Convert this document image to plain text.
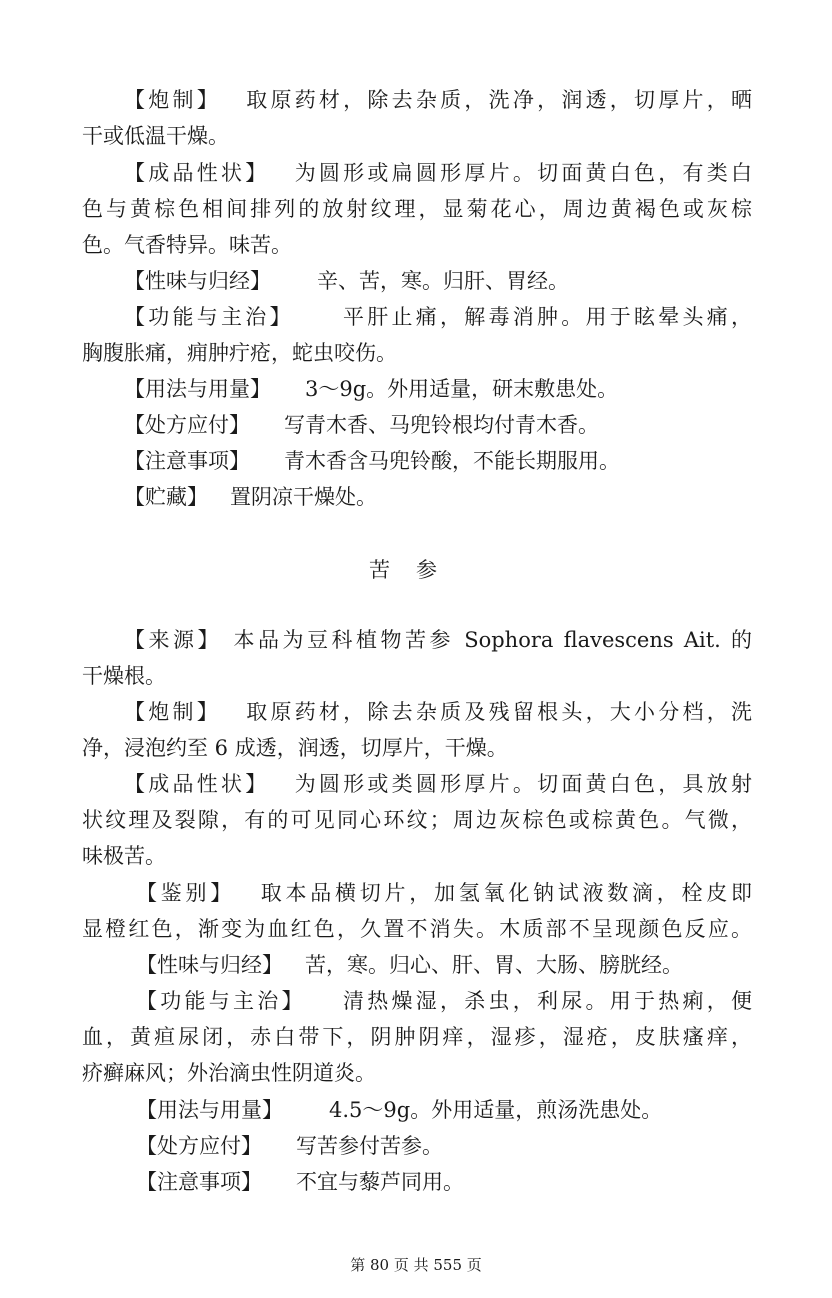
【炮制】 取原药材，除去杂质，洗净，润透，切厚片，晒
干或低温干燥。
【成品性状】 为圆形或扁圆形厚片。切面黄白色，有类白
色与黄棕色相间排列的放射纹理，显菊花心，周边黄褐色或灰棕
色。气香特异。味苦。
【性味与归经】 辛、苦，寒。归肝、胃经。
【功能与主治】 平肝止痛，解毒消肿。用于眩晕头痛，
胸腹胀痛，痈肿疔疮，蛇虫咬伤。
【用法与用量】 3～9g。外用适量，研末敷患处。
【处方应付】 写青木香、马兜铃根均付青木香。
【注意事项】 青木香含马兜铃酸，不能长期服用。
【贮藏】 置阴凉干燥处。
苦参
【来源】 本品为豆科植物苦参 Sophora flavescens Ait. 的
干燥根。
【炮制】 取原药材，除去杂质及残留根头，大小分档，洗
净，浸泡约至 6 成透，润透，切厚片，干燥。
【成品性状】 为圆形或类圆形厚片。切面黄白色，具放射
状纹理及裂隙，有的可见同心环纹；周边灰棕色或棕黄色。气微，
味极苦。
【鉴别】 取本品横切片，加氢氧化钠试液数滴，栓皮即
显橙红色，渐变为血红色，久置不消失。木质部不呈现颜色反应。
【性味与归经】 苦，寒。归心、肝、胃、大肠、膀胱经。
【功能与主治】 清热燥湿，杀虫，利尿。用于热痢，便
血，黄疸尿闭，赤白带下，阴肿阴痒，湿疹，湿疮，皮肤瘙痒，
疥癣麻风；外治滴虫性阴道炎。
【用法与用量】 4.5～9g。外用适量，煎汤洗患处。
【处方应付】 写苦参付苦参。
【注意事项】 不宜与藜芦同用。
第 80 页 共 555 页
